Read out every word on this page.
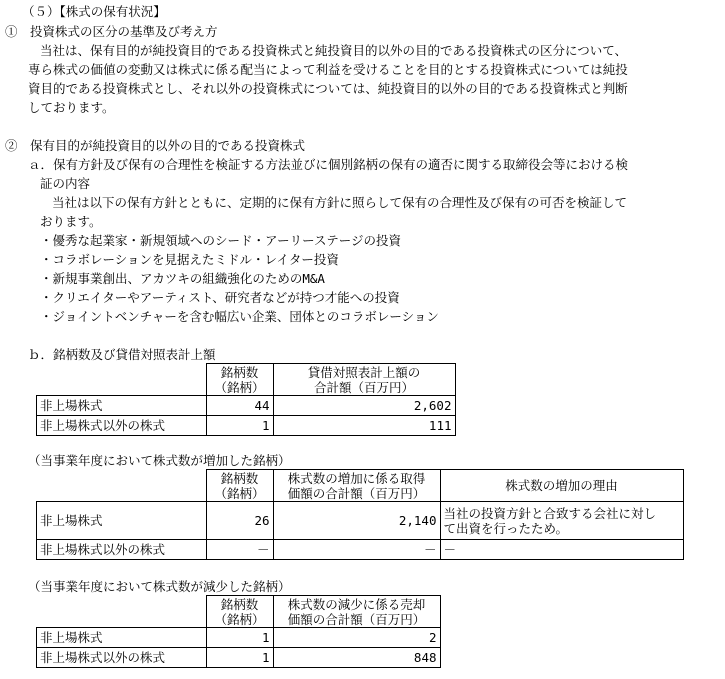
（５）【株式の保有状況】
①　投資株式の区分の基準及び考え方
当社は、保有目的が純投資目的である投資株式と純投資目的以外の目的である投資株式の区分について、
専ら株式の価値の変動又は株式に係る配当によって利益を受けることを目的とする投資株式については純投
資目的である投資株式とし、それ以外の投資株式については、純投資目的以外の目的である投資株式と判断
しております。
②　保有目的が純投資目的以外の目的である投資株式
ａ．保有方針及び保有の合理性を検証する方法並びに個別銘柄の保有の適否に関する取締役会等における検
証の内容
当社は以下の保有方針とともに、定期的に保有方針に照らして保有の合理性及び保有の可否を検証して
おります。
・優秀な起業家・新規領域へのシード・アーリーステージの投資
・コラボレーションを見据えたミドル・レイター投資
・新規事業創出、アカツキの組織強化のためのM&A
・クリエイターやアーティスト、研究者などが持つ才能への投資
・ジョイントベンチャーを含む幅広い企業、団体とのコラボレーション
ｂ．銘柄数及び貸借対照表計上額
	銘柄数
（銘柄）	貸借対照表計上額の
合計額（百万円）
非上場株式	44	2,602
非上場株式以外の株式	1	111
（当事業年度において株式数が増加した銘柄）
	銘柄数
（銘柄）	株式数の増加に係る取得
価額の合計額（百万円）	株式数の増加の理由
非上場株式	26	2,140	当社の投資方針と合致する会社に対し
て出資を行ったため。
非上場株式以外の株式	－	－	－
（当事業年度において株式数が減少した銘柄）
	銘柄数
（銘柄）	株式数の減少に係る売却
価額の合計額（百万円）
非上場株式	1	2
非上場株式以外の株式	1	848
